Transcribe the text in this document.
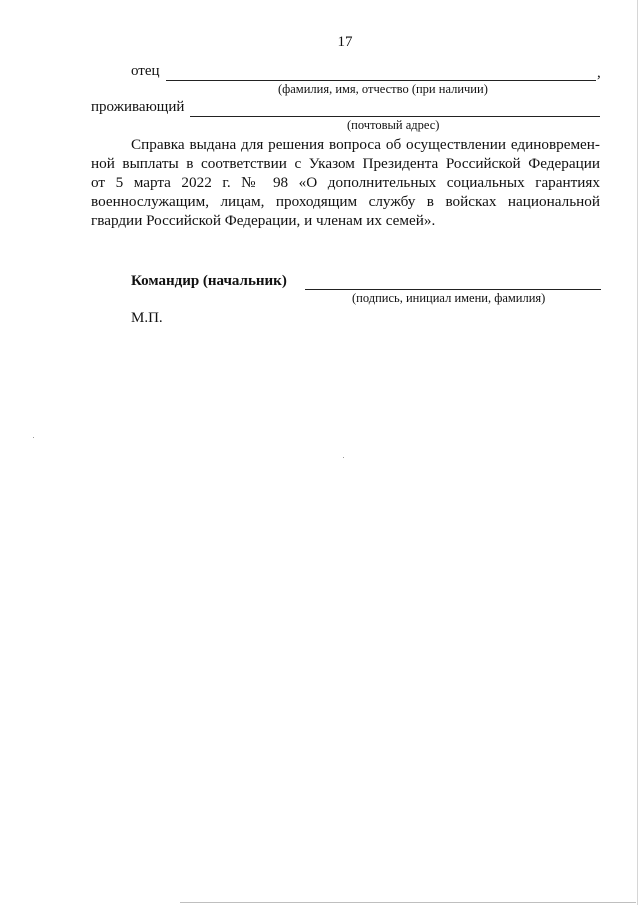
17
отец	,
(фамилия, имя, отчество (при наличии)
проживающий
(почтовый адрес)
Справка выдана для решения вопроса об осуществлении единовремен-
ной выплаты в соответствии с Указом Президента Российской Федерации
от 5 марта 2022 г. № 98 «О дополнительных социальных гарантиях
военнослужащим, лицам, проходящим службу в войсках национальной
гвардии Российской Федерации, и членам их семей».
Командир (начальник)
(подпись, инициал имени, фамилия)
М.П.
